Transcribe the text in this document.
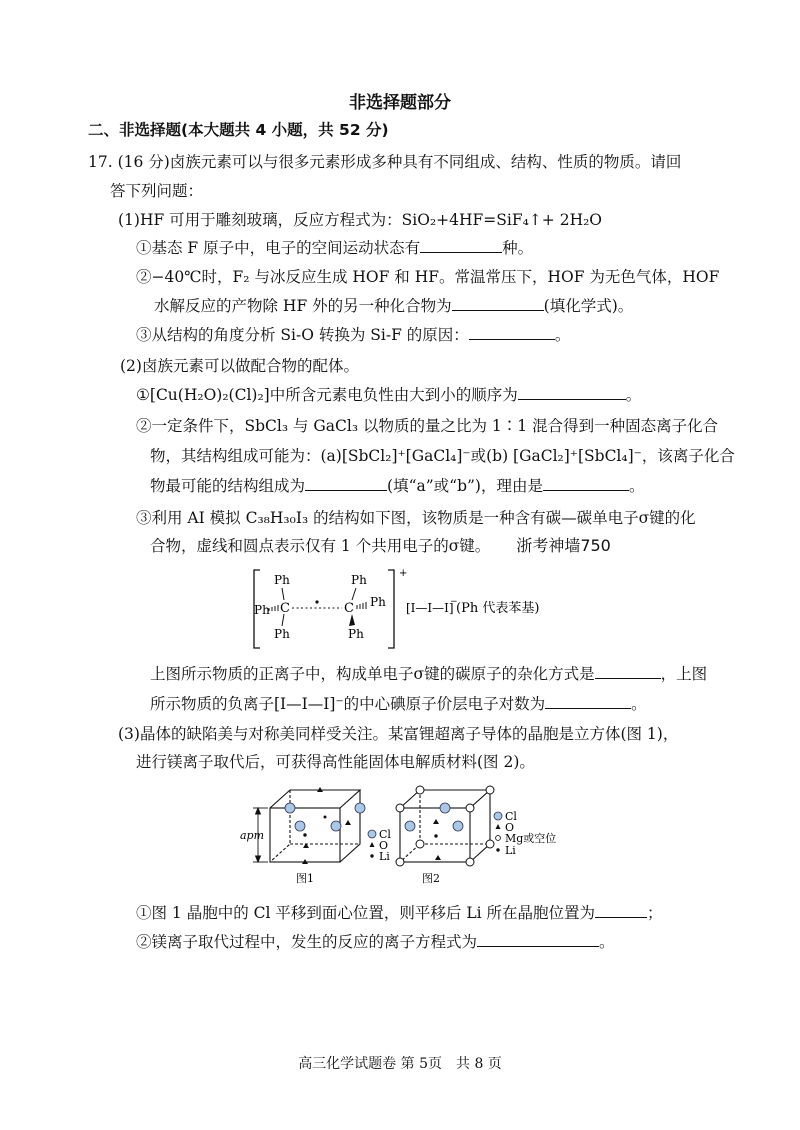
非选择题部分
二、非选择题(本大题共 4 小题，共 52 分)
17. (16 分)卤族元素可以与很多元素形成多种具有不同组成、结构、性质的物质。请回
答下列问题：
(1)HF 可用于雕刻玻璃，反应方程式为：SiO₂+4HF=SiF₄↑+ 2H₂O
①基态 F 原子中，电子的空间运动状态有	种。
②−40℃时，F₂ 与冰反应生成 HOF 和 HF。常温常压下，HOF 为无色气体，HOF
水解反应的产物除 HF 外的另一种化合物为	(填化学式)。
③从结构的角度分析 Si-O 转换为 Si-F 的原因：	。
(2)卤族元素可以做配合物的配体。
①[Cu(H₂O)₂(Cl)₂]中所含元素电负性由大到小的顺序为	。
②一定条件下，SbCl₃ 与 GaCl₃ 以物质的量之比为 1∶1 混合得到一种固态离子化合
物，其结构组成可能为：(a)[SbCl₂]⁺[GaCl₄]⁻或(b) [GaCl₂]⁺[SbCl₄]⁻，该离子化合
物最可能的结构组成为	(填“a”或“b”)，理由是	。
③利用 AI 模拟 C₃₈H₃₀I₃ 的结构如下图，该物质是一种含有碳—碳单电子σ键的化
合物，虚线和圆点表示仅有 1 个共用电子的σ键。 浙考神墙750
+
C
Ph
Ph
Ph	C
Ph
Ph
Ph [I—I—I]
−
(Ph 代表苯基)
上图所示物质的正离子中，构成单电子σ键的碳原子的杂化方式是	，上图
所示物质的负离子[I—I—I]⁻的中心碘原子价层电子对数为	。
(3)晶体的缺陷美与对称美同样受关注。某富锂超离子导体的晶胞是立方体(图 1)，
进行镁离子取代后，可获得高性能固体电解质材料(图 2)。
apm	Cl
O
Li
图1
Cl
O
Mg或空位
Li
图2
①图 1 晶胞中的 Cl 平移到面心位置，则平移后 Li 所在晶胞位置为	；
②镁离子取代过程中，发生的反应的离子方程式为	。
高三化学试题卷 第 5页　共 8 页
